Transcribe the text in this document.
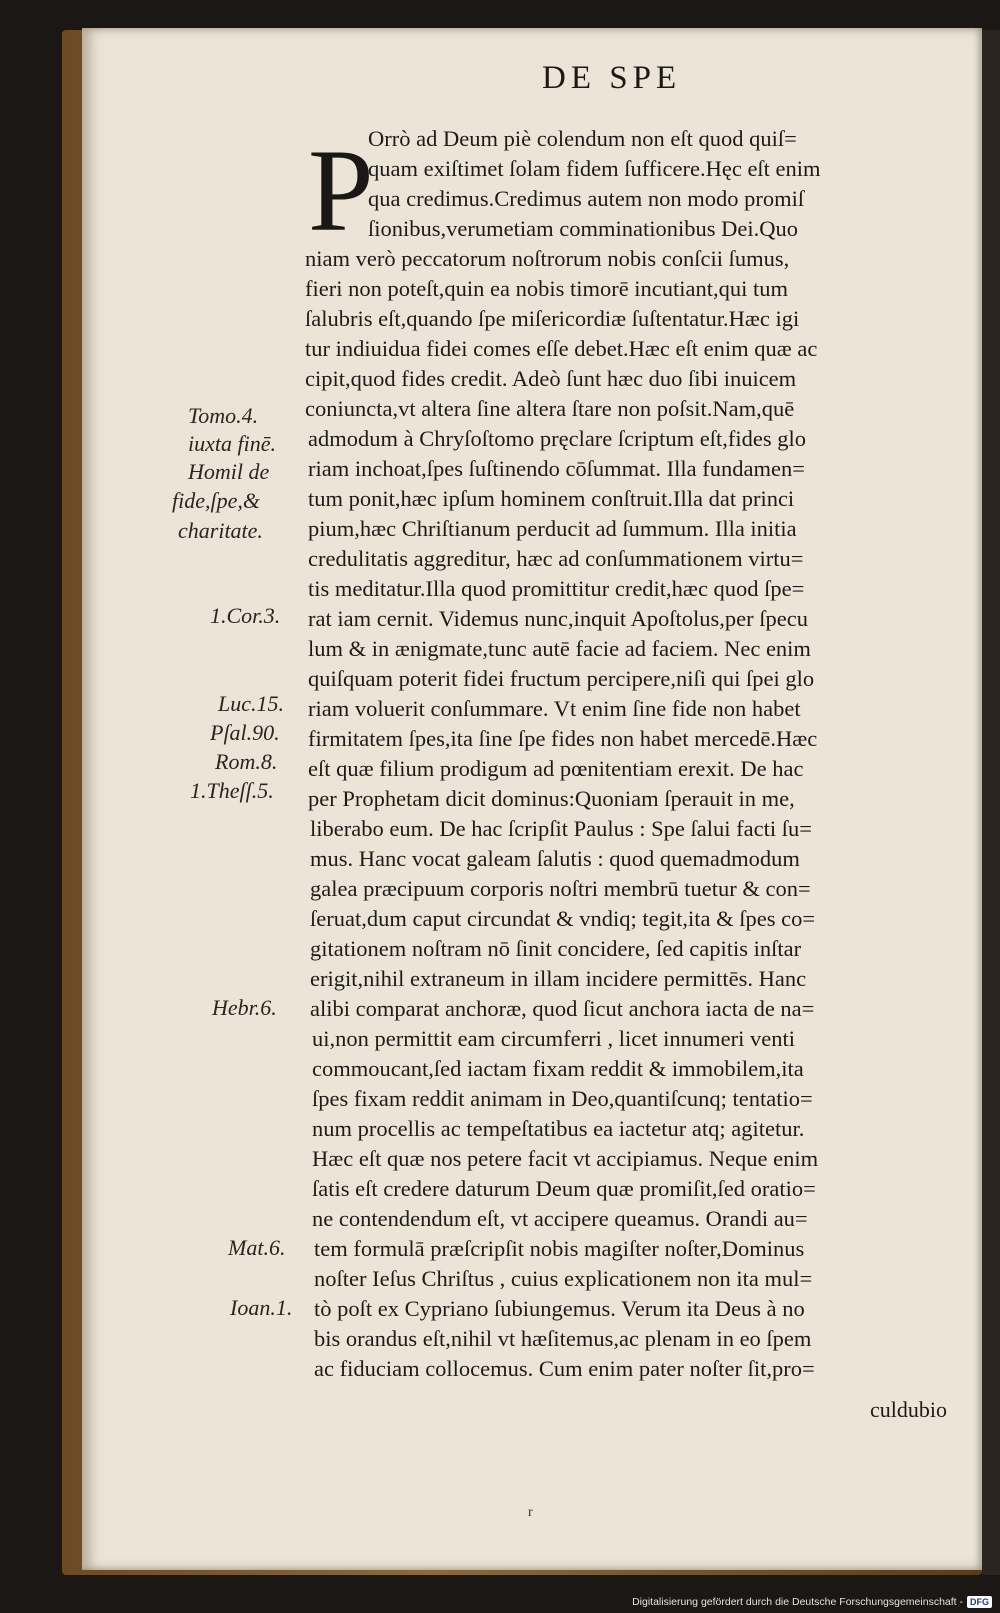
DE SPE
P
Orrò ad Deum piè colendum non eſt quod quiſ=
quam exiſtimet ſolam fidem ſufficere.Hęc eſt enim
qua credimus.Credimus autem non modo promiſ
ſionibus,verumetiam comminationibus Dei.Quo
niam verò peccatorum noſtrorum nobis conſcii ſumus,
fieri non poteſt,quin ea nobis timorē incutiant,qui tum
ſalubris eſt,quando ſpe miſericordiæ ſuſtentatur.Hæc igi
tur indiuidua fidei comes eſſe debet.Hæc eſt enim quæ ac
cipit,quod fides credit. Adeò ſunt hæc duo ſibi inuicem
coniuncta,vt altera ſine altera ſtare non poſsit.Nam,quē
admodum à Chryſoſtomo pręclare ſcriptum eſt,fides glo
riam inchoat,ſpes ſuſtinendo cōſummat. Illa fundamen=
tum ponit,hæc ipſum hominem conſtruit.Illa dat princi
pium,hæc Chriſtianum perducit ad ſummum. Illa initia
credulitatis aggreditur, hæc ad conſummationem virtu=
tis meditatur.Illa quod promittitur credit,hæc quod ſpe=
rat iam cernit. Videmus nunc,inquit Apoſtolus,per ſpecu
lum & in ænigmate,tunc autē facie ad faciem. Nec enim
quiſquam poterit fidei fructum percipere,niſi qui ſpei glo
riam voluerit conſummare. Vt enim ſine fide non habet
firmitatem ſpes,ita ſine ſpe fides non habet mercedē.Hæc
eſt quæ filium prodigum ad pœnitentiam erexit. De hac
per Prophetam dicit dominus:Quoniam ſperauit in me,
liberabo eum. De hac ſcripſit Paulus : Spe ſalui facti ſu=
mus. Hanc vocat galeam ſalutis : quod quemadmodum
galea præcipuum corporis noſtri membrū tuetur & con=
ſeruat,dum caput circundat & vndiq; tegit,ita & ſpes co=
gitationem noſtram nō ſinit concidere, ſed capitis inſtar
erigit,nihil extraneum in illam incidere permittēs. Hanc
alibi comparat anchoræ, quod ſicut anchora iacta de na=
ui,non permittit eam circumferri , licet innumeri venti
commoucant,ſed iactam fixam reddit & immobilem,ita
ſpes fixam reddit animam in Deo,quantiſcunq; tentatio=
num procellis ac tempeſtatibus ea iactetur atq; agitetur.
Hæc eſt quæ nos petere facit vt accipiamus. Neque enim
ſatis eſt credere daturum Deum quæ promiſit,ſed oratio=
ne contendendum eſt, vt accipere queamus. Orandi au=
tem formulā præſcripſit nobis magiſter noſter,Dominus
noſter Ieſus Chriſtus , cuius explicationem non ita mul=
tò poſt ex Cypriano ſubiungemus. Verum ita Deus à no
bis orandus eſt,nihil vt hæſitemus,ac plenam in eo ſpem
ac fiduciam collocemus. Cum enim pater noſter ſit,pro=
culdubio
Tomo.4.
iuxta finē.
Homil de
fide,ſpe,&
charitate.
1.Cor.3.
Luc.15.
Pſal.90.
Rom.8.
1.Theſſ.5.
Hebr.6.
Mat.6.
Ioan.1.
r
Digitalisierung gefördert durch die Deutsche Forschungsgemeinschaft - DFG
